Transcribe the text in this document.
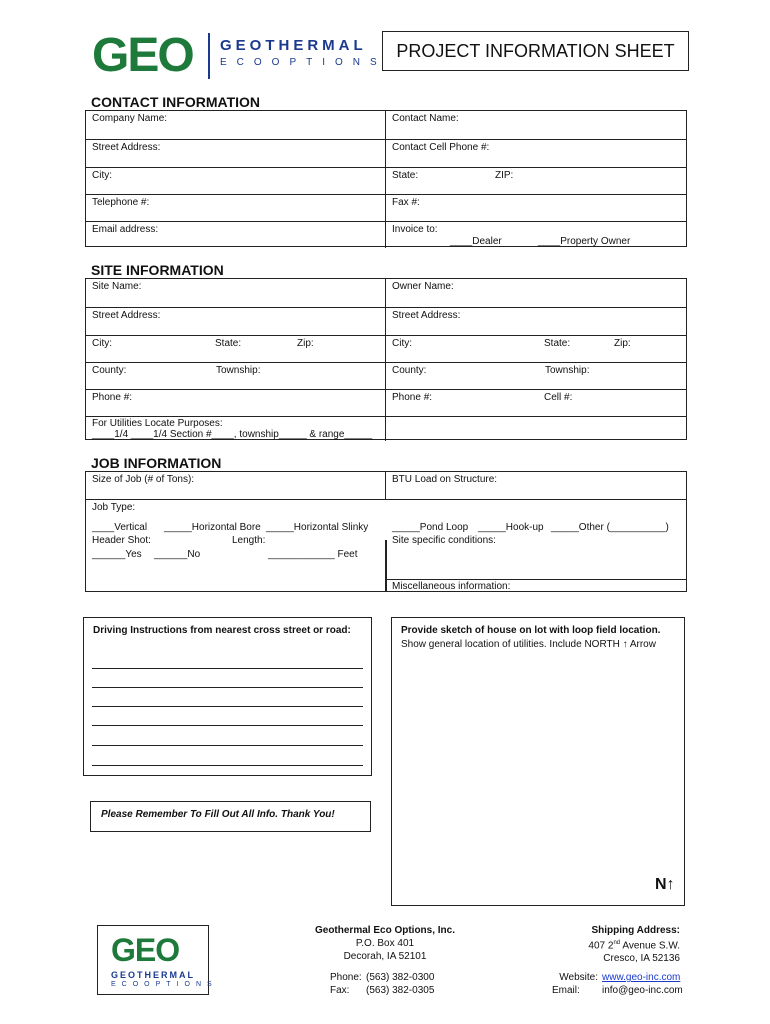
GEO GEOTHERMAL
ECOOPTIONS
PROJECT INFORMATION SHEET
CONTACT INFORMATION
Company Name:	Contact Name:
Street Address:	Contact Cell Phone #:
City:	State:	ZIP:
Telephone #:	Fax #:
Email address:	Invoice to:
____Dealer	____Property Owner
SITE INFORMATION
Site Name:	Owner Name:
Street Address:	Street Address:
City:	State:	Zip:	City:	State:	Zip:
County:	Township:	County:	Township:
Phone #:	Phone #:	Cell #:
For Utilities Locate Purposes:
____1/4 ____1/4 Section #____, township_____ & range_____
JOB INFORMATION
Size of Job (# of Tons):	BTU Load on Structure:
Job Type:
____Vertical _____Horizontal Bore _____Horizontal Slinky
Header Shot:	Length:
______Yes ______No	____________ Feet
_____Pond Loop _____Hook-up _____Other (__________)
Site specific conditions:
Miscellaneous information:
Driving Instructions from nearest cross street or road:
Please Remember To Fill Out All Info. Thank You!
Provide sketch of house on lot with loop field location.
Show general location of utilities. Include NORTH ↑ Arrow
N↑
GEO
GEOTHERMAL
ECOOPTIONS
Geothermal Eco Options, Inc.
P.O. Box 401
Decorah, IA 52101
Phone: (563) 382-0300
Fax: (563) 382-0305
Shipping Address:
407 2nd Avenue S.W.
Cresco, IA 52136
Website: www.geo-inc.com
Email: info@geo-inc.com
